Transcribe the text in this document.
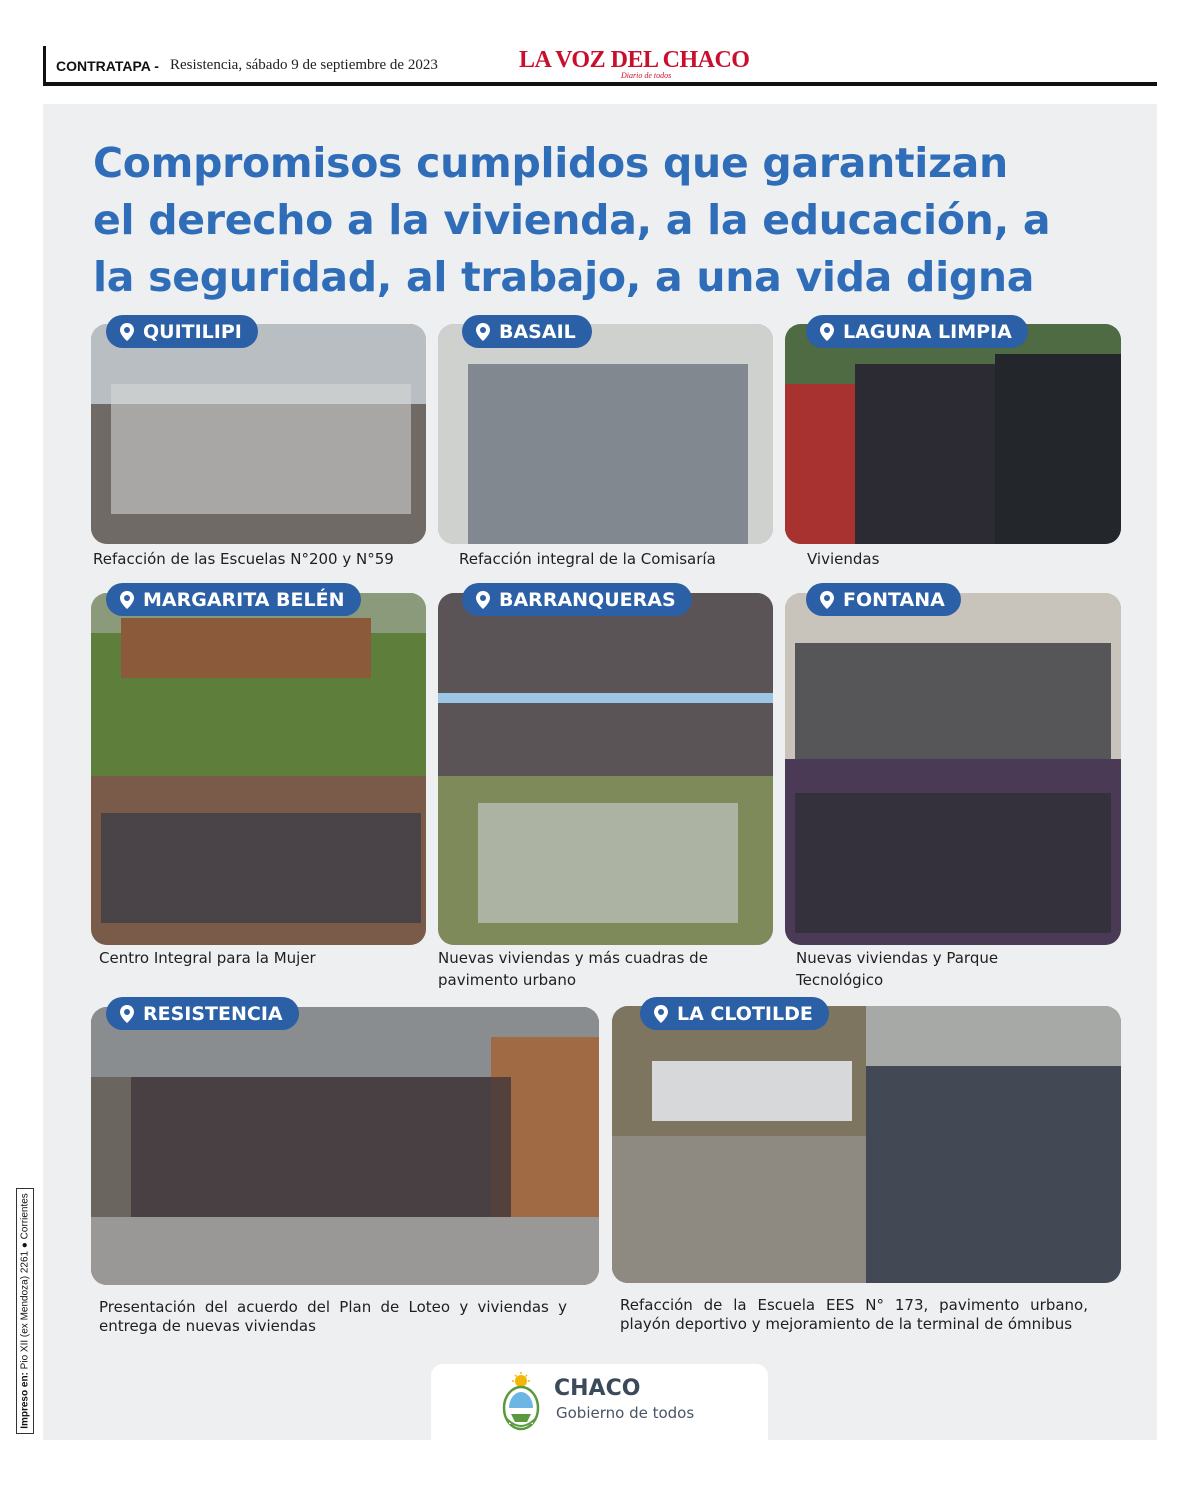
CONTRATAPA - Resistencia, sábado 9 de septiembre de 2023	LA VOZ DEL CHACO
Diario de todos
Compromisos cumplidos que garantizan
el derecho a la vivienda, a la educación, a
la seguridad, al trabajo, a una vida digna
QUITILIPI	BASAIL	LAGUNA LIMPIA
Refacción de las Escuelas N°200 y N°59	Refacción integral de la Comisaría	Viviendas
MARGARITA BELÉN	BARRANQUERAS	FONTANA
Centro Integral para la Mujer	Nuevas viviendas y más cuadras de pavimento urbano
Nuevas viviendas y Parque Tecnológico
RESISTENCIA	LA CLOTILDE
Presentación del acuerdo del Plan de Loteo y viviendas y entrega de nuevas viviendas
Refacción de la Escuela EES N° 173, pavimento urbano, playón deportivo y mejoramiento de la terminal de ómnibus
Impreso en: Pio XII (ex Mendoza) 2261 ● Corrientes
CHACO
Gobierno de todos
